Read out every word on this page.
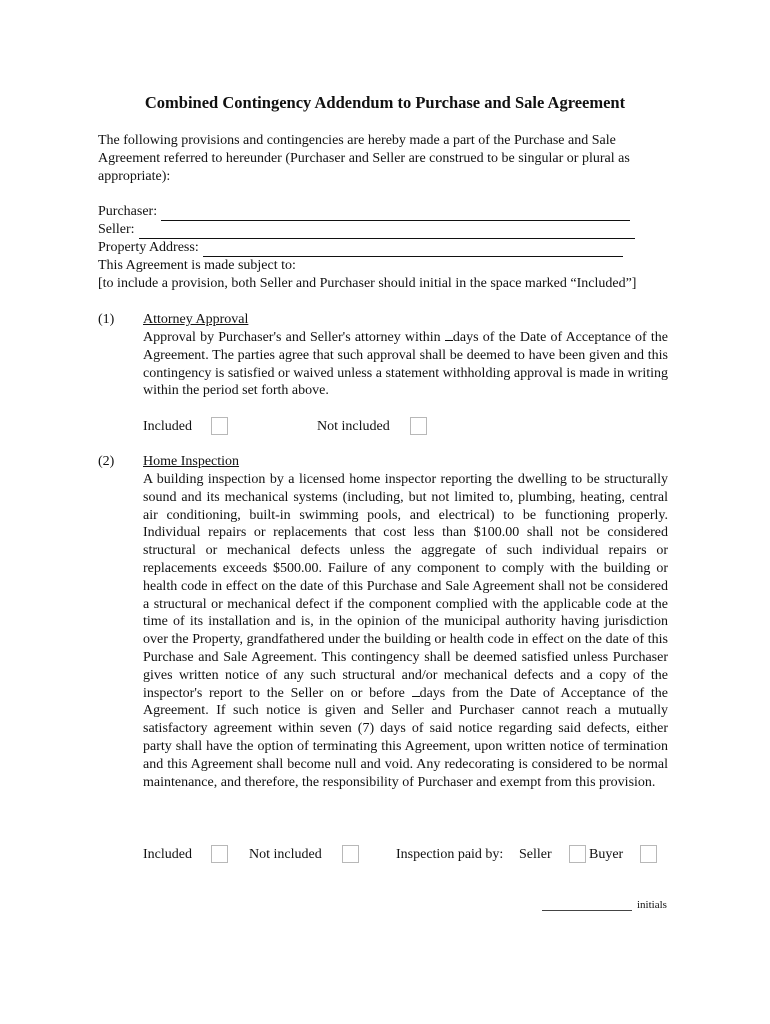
Combined Contingency Addendum to Purchase and Sale Agreement
The following provisions and contingencies are hereby made a part of the Purchase and Sale Agreement referred to hereunder (Purchaser and Seller are construed to be singular or plural as appropriate):
Purchaser:
Seller:
Property Address:
This Agreement is made subject to:
[to include a provision, both Seller and Purchaser should initial in the space marked “Included”]
(1) Attorney Approval

Approval by Purchaser's and Seller's attorney within days of the Date of Acceptance of the Agreement. The parties agree that such approval shall be deemed to have been given and this contingency is satisfied or waived unless a statement withholding approval is made in writing within the period set forth above.

Included	Not included
(2) Home Inspection

A building inspection by a licensed home inspector reporting the dwelling to be structurally sound and its mechanical systems (including, but not limited to, plumbing, heating, central air conditioning, built-in swimming pools, and electrical) to be functioning properly. Individual repairs or replacements that cost less than $100.00 shall not be considered structural or mechanical defects unless the aggregate of such individual repairs or replacements exceeds $500.00. Failure of any component to comply with the building or health code in effect on the date of this Purchase and Sale Agreement shall not be considered a structural or mechanical defect if the component complied with the applicable code at the time of its installation and is, in the opinion of the municipal authority having jurisdiction over the Property, grandfathered under the building or health code in effect on the date of this Purchase and Sale Agreement. This contingency shall be deemed satisfied unless Purchaser gives written notice of any such structural and/or mechanical defects and a copy of the inspector's report to the Seller on or before days from the Date of Acceptance of the Agreement. If such notice is given and Seller and Purchaser cannot reach a mutually satisfactory agreement within seven (7) days of said notice regarding said defects, either party shall have the option of terminating this Agreement, upon written notice of termination and this Agreement shall become null and void. Any redecorating is considered to be normal maintenance, and therefore, the responsibility of Purchaser and exempt from this provision.

Included	Not included	Inspection paid by: Seller	Buyer
initials
